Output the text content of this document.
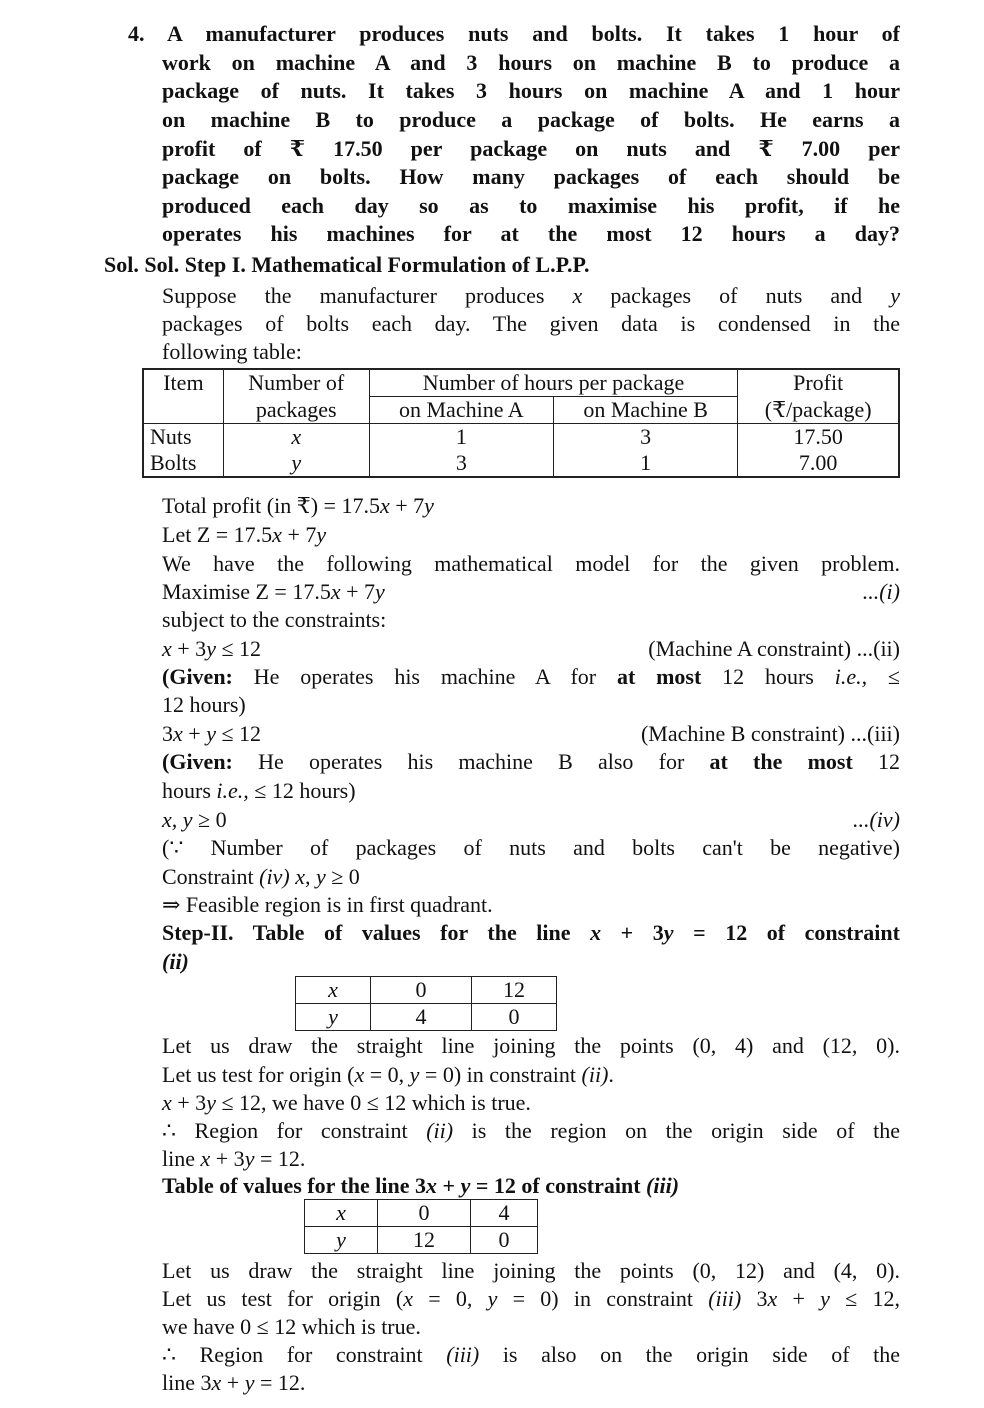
4. A manufacturer produces nuts and bolts. It takes 1 hour of
work on machine A and 3 hours on machine B to produce a
package of nuts. It takes 3 hours on machine A and 1 hour
on machine B to produce a package of bolts. He earns a
profit of ₹ 17.50 per package on nuts and ₹ 7.00 per
package on bolts. How many packages of each should be
produced each day so as to maximise his profit, if he
operates his machines for at the most 12 hours a day?
Sol. Sol. Step I. Mathematical Formulation of L.P.P.
Suppose the manufacturer produces x packages of nuts and y
packages of bolts each day. The given data is condensed in the
following table:
Total profit (in ₹) = 17.5x + 7y
Let Z = 17.5x + 7y
We have the following mathematical model for the given problem.
Maximise Z = 17.5x + 7y	...(i)
subject to the constraints:
x + 3y ≤ 12	(Machine A constraint) ...(ii)
(Given: He operates his machine A for at most 12 hours i.e., ≤
12 hours)
3x + y ≤ 12	(Machine B constraint) ...(iii)
(Given: He operates his machine B also for at the most 12
hours i.e., ≤ 12 hours)
x, y ≥ 0	...(iv)
(∵ Number of packages of nuts and bolts can't be negative)
Constraint (iv) x, y ≥ 0
⇒ Feasible region is in first quadrant.
Step-II. Table of values for the line x + 3y = 12 of constraint
(ii)
Let us draw the straight line joining the points (0, 4) and (12, 0).
Let us test for origin (x = 0, y = 0) in constraint (ii).
x + 3y ≤ 12, we have 0 ≤ 12 which is true.
∴ Region for constraint (ii) is the region on the origin side of the
line x + 3y = 12.
Table of values for the line 3x + y = 12 of constraint (iii)
Let us draw the straight line joining the points (0, 12) and (4, 0).
Let us test for origin (x = 0, y = 0) in constraint (iii) 3x + y ≤ 12,
we have 0 ≤ 12 which is true.
∴ Region for constraint (iii) is also on the origin side of the
line 3x + y = 12.
Item	Number of	Number of hours per package		Profit
	packages	on Machine A	on Machine B	(₹/package)
Nuts	x	1	3	17.50
Bolts	y	3	1	7.00
x	0	12
y	4	0
x	0	4
y	12	0
